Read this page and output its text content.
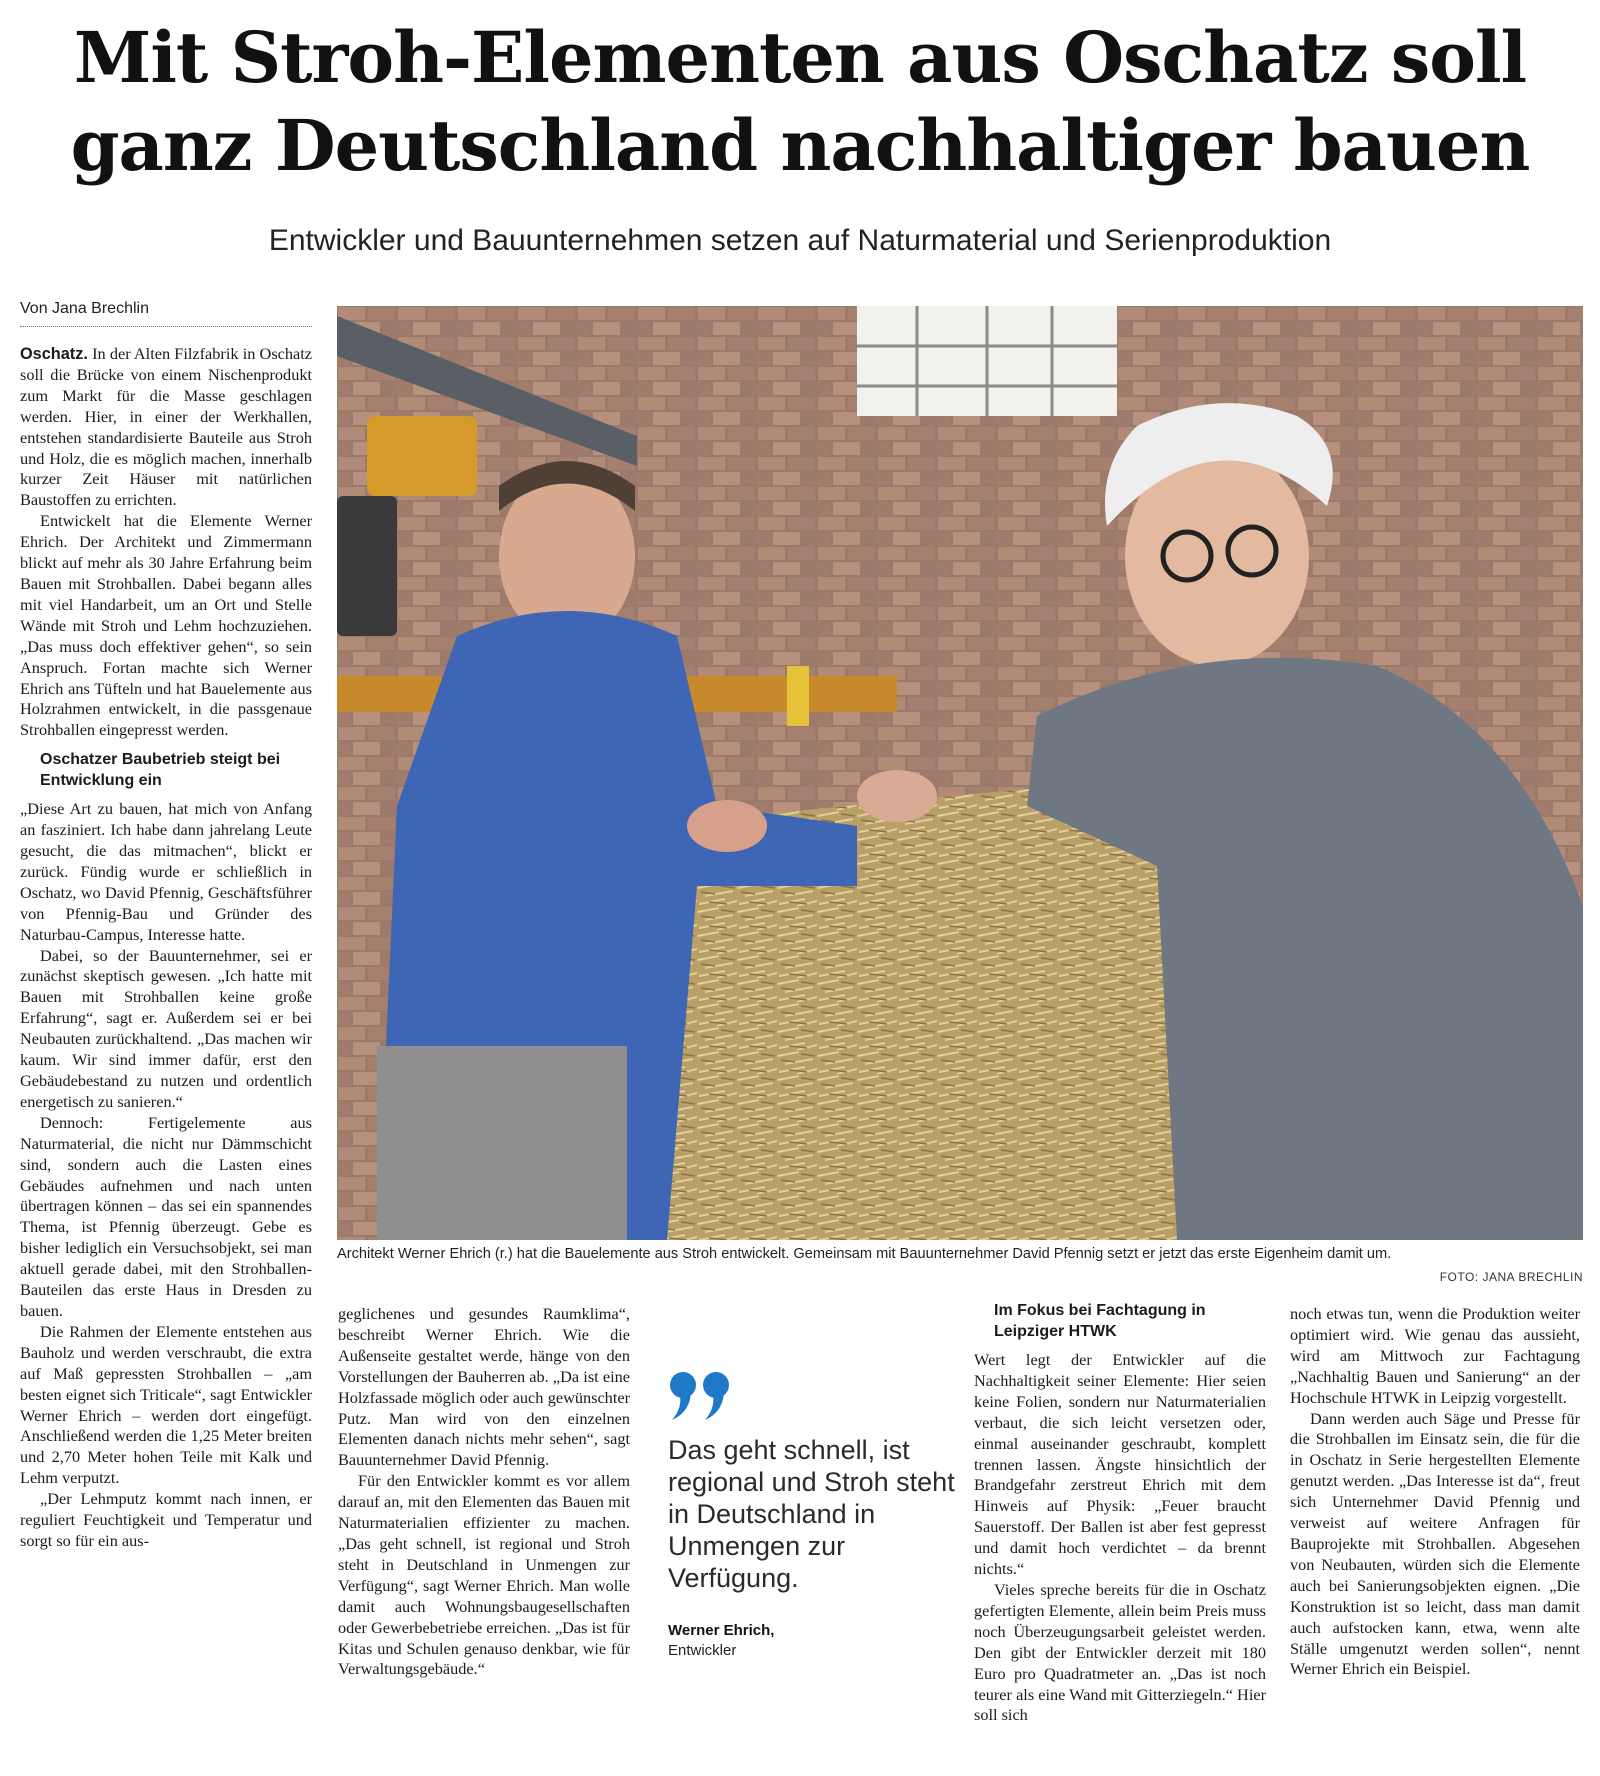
Mit Stroh-Elementen aus Oschatz soll
ganz Deutschland nachhaltiger bauen
Entwickler und Bauunternehmen setzen auf Naturmaterial und Serienproduktion
Von Jana Brechlin

Oschatz. In der Alten Filzfabrik in Oschatz soll die Brücke von einem Nischenprodukt zum Markt für die Masse geschlagen werden. Hier, in einer der Werkhallen, entstehen standardisierte Bauteile aus Stroh und Holz, die es möglich machen, innerhalb kurzer Zeit Häuser mit natürlichen Baustoffen zu errichten.

Entwickelt hat die Elemente Werner Ehrich. Der Architekt und Zimmermann blickt auf mehr als 30 Jahre Erfahrung beim Bauen mit Strohballen. Dabei begann alles mit viel Handarbeit, um an Ort und Stelle Wände mit Stroh und Lehm hochzuziehen. „Das muss doch effektiver gehen“, so sein Anspruch. Fortan machte sich Werner Ehrich ans Tüfteln und hat Bauelemente aus Holzrahmen entwickelt, in die passgenaue Strohballen eingepresst werden.

Oschatzer Baubetrieb steigt bei Entwicklung ein

„Diese Art zu bauen, hat mich von Anfang an fasziniert. Ich habe dann jahrelang Leute gesucht, die das mitmachen“, blickt er zurück. Fündig wurde er schließlich in Oschatz, wo David Pfennig, Geschäftsführer von Pfennig-Bau und Gründer des Naturbau-Campus, Interesse hatte.

Dabei, so der Bauunternehmer, sei er zunächst skeptisch gewesen. „Ich hatte mit Bauen mit Strohballen keine große Erfahrung“, sagt er. Außerdem sei er bei Neubauten zurückhaltend. „Das machen wir kaum. Wir sind immer dafür, erst den Gebäudebestand zu nutzen und ordentlich energetisch zu sanieren.“

Dennoch: Fertigelemente aus Naturmaterial, die nicht nur Dämmschicht sind, sondern auch die Lasten eines Gebäudes aufnehmen und nach unten übertragen können – das sei ein spannendes Thema, ist Pfennig überzeugt. Gebe es bisher lediglich ein Versuchsobjekt, sei man aktuell gerade dabei, mit den Strohballen-Bauteilen das erste Haus in Dresden zu bauen.

Die Rahmen der Elemente entstehen aus Bauholz und werden verschraubt, die extra auf Maß gepressten Strohballen – „am besten eignet sich Triticale“, sagt Entwickler Werner Ehrich – werden dort eingefügt. Anschließend werden die 1,25 Meter breiten und 2,70 Meter hohen Teile mit Kalk und Lehm verputzt.

„Der Lehmputz kommt nach innen, er reguliert Feuchtigkeit und Temperatur und sorgt so für ein aus-

Architekt Werner Ehrich (r.) hat die Bauelemente aus Stroh entwickelt. Gemeinsam mit Bauunternehmer David Pfennig setzt er jetzt das erste Eigenheim damit um.
FOTO: JANA BRECHLIN

geglichenes und gesundes Raumklima“, beschreibt Werner Ehrich. Wie die Außenseite gestaltet werde, hänge von den Vorstellungen der Bauherren ab. „Da ist eine Holzfassade möglich oder auch gewünschter Putz. Man wird von den einzelnen Elementen danach nichts mehr sehen“, sagt Bauunternehmer David Pfennig.

Für den Entwickler kommt es vor allem darauf an, mit den Elementen das Bauen mit Naturmaterialien effizienter zu machen. „Das geht schnell, ist regional und Stroh steht in Deutschland in Unmengen zur Verfügung“, sagt Werner Ehrich. Man wolle damit auch Wohnungsbaugesellschaften oder Gewerbebetriebe erreichen. „Das ist für Kitas und Schulen genauso denkbar, wie für Verwaltungsgebäude.“

Das geht schnell, ist regional und Stroh steht in Deutschland in Unmengen zur Verfügung.

Werner Ehrich,
Entwickler
Im Fokus bei Fachtagung in Leipziger HTWK

Wert legt der Entwickler auf die Nachhaltigkeit seiner Elemente: Hier seien keine Folien, sondern nur Naturmaterialien verbaut, die sich leicht versetzen oder, einmal auseinander geschraubt, komplett trennen lassen. Ängste hinsichtlich der Brandgefahr zerstreut Ehrich mit dem Hinweis auf Physik: „Feuer braucht Sauerstoff. Der Ballen ist aber fest gepresst und damit hoch verdichtet – da brennt nichts.“

Vieles spreche bereits für die in Oschatz gefertigten Elemente, allein beim Preis muss noch Überzeugungsarbeit geleistet werden. Den gibt der Entwickler derzeit mit 180 Euro pro Quadratmeter an. „Das ist noch teurer als eine Wand mit Gitterziegeln.“ Hier soll sich

noch etwas tun, wenn die Produktion weiter optimiert wird. Wie genau das aussieht, wird am Mittwoch zur Fachtagung „Nachhaltig Bauen und Sanierung“ an der Hochschule HTWK in Leipzig vorgestellt.

Dann werden auch Säge und Presse für die Strohballen im Einsatz sein, die für die in Oschatz in Serie hergestellten Elemente genutzt werden. „Das Interesse ist da“, freut sich Unternehmer David Pfennig und verweist auf weitere Anfragen für Bauprojekte mit Strohballen. Abgesehen von Neubauten, würden sich die Elemente auch bei Sanierungsobjekten eignen. „Die Konstruktion ist so leicht, dass man damit auch aufstocken kann, etwa, wenn alte Ställe umgenutzt werden sollen“, nennt Werner Ehrich ein Beispiel.
